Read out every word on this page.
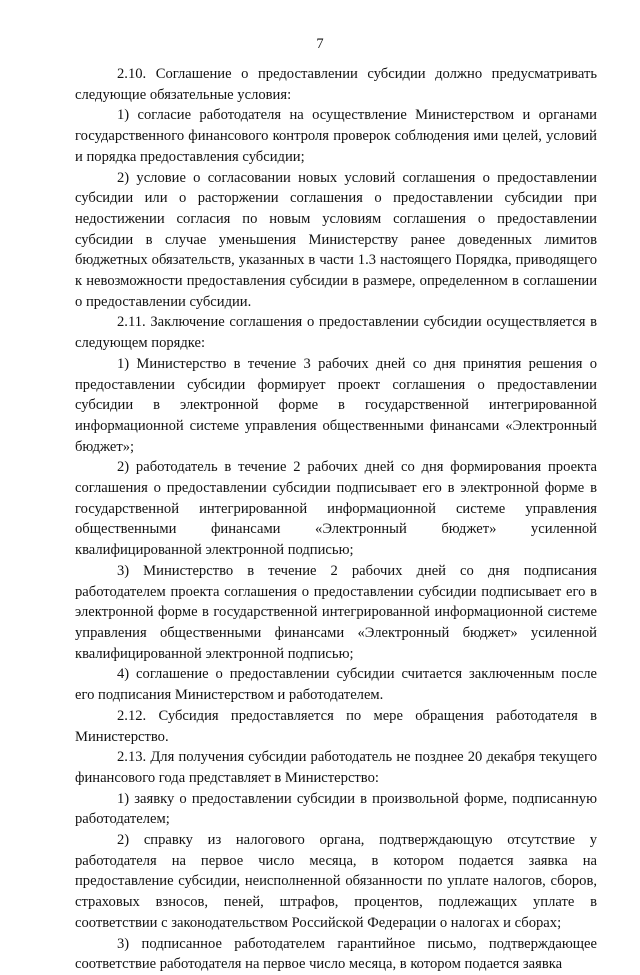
7

2.10. Соглашение о предоставлении субсидии должно предусматривать следующие обязательные условия:

1) согласие работодателя на осуществление Министерством и органами государственного финансового контроля проверок соблюдения ими целей, условий и порядка предоставления субсидии;

2) условие о согласовании новых условий соглашения о предоставлении субсидии или о расторжении соглашения о предоставлении субсидии при недостижении согласия по новым условиям соглашения о предоставлении субсидии в случае уменьшения Министерству ранее доведенных лимитов бюджетных обязательств, указанных в части 1.3 настоящего Порядка, приводящего к невозможности предоставления субсидии в размере, определенном в соглашении о предоставлении субсидии.

2.11. Заключение соглашения о предоставлении субсидии осуществляется в следующем порядке:

1) Министерство в течение 3 рабочих дней со дня принятия решения о предоставлении субсидии формирует проект соглашения о предоставлении субсидии в электронной форме в государственной интегрированной информационной системе управления общественными финансами «Электронный бюджет»;

2) работодатель в течение 2 рабочих дней со дня формирования проекта соглашения о предоставлении субсидии подписывает его в электронной форме в государственной интегрированной информационной системе управления общественными финансами «Электронный бюджет» усиленной квалифицированной электронной подписью;

3) Министерство в течение 2 рабочих дней со дня подписания работодателем проекта соглашения о предоставлении субсидии подписывает его в электронной форме в государственной интегрированной информационной системе управления общественными финансами «Электронный бюджет» усиленной квалифицированной электронной подписью;

4) соглашение о предоставлении субсидии считается заключенным после его подписания Министерством и работодателем.

2.12. Субсидия предоставляется по мере обращения работодателя в Министерство.

2.13. Для получения субсидии работодатель не позднее 20 декабря текущего финансового года представляет в Министерство:

1) заявку о предоставлении субсидии в произвольной форме, подписанную работодателем;

2) справку из налогового органа, подтверждающую отсутствие у работодателя на первое число месяца, в котором подается заявка на предоставление субсидии, неисполненной обязанности по уплате налогов, сборов, страховых взносов, пеней, штрафов, процентов, подлежащих уплате в соответствии с законодательством Российской Федерации о налогах и сборах;

3) подписанное работодателем гарантийное письмо, подтверждающее соответствие работодателя на первое число месяца, в котором подается заявка
